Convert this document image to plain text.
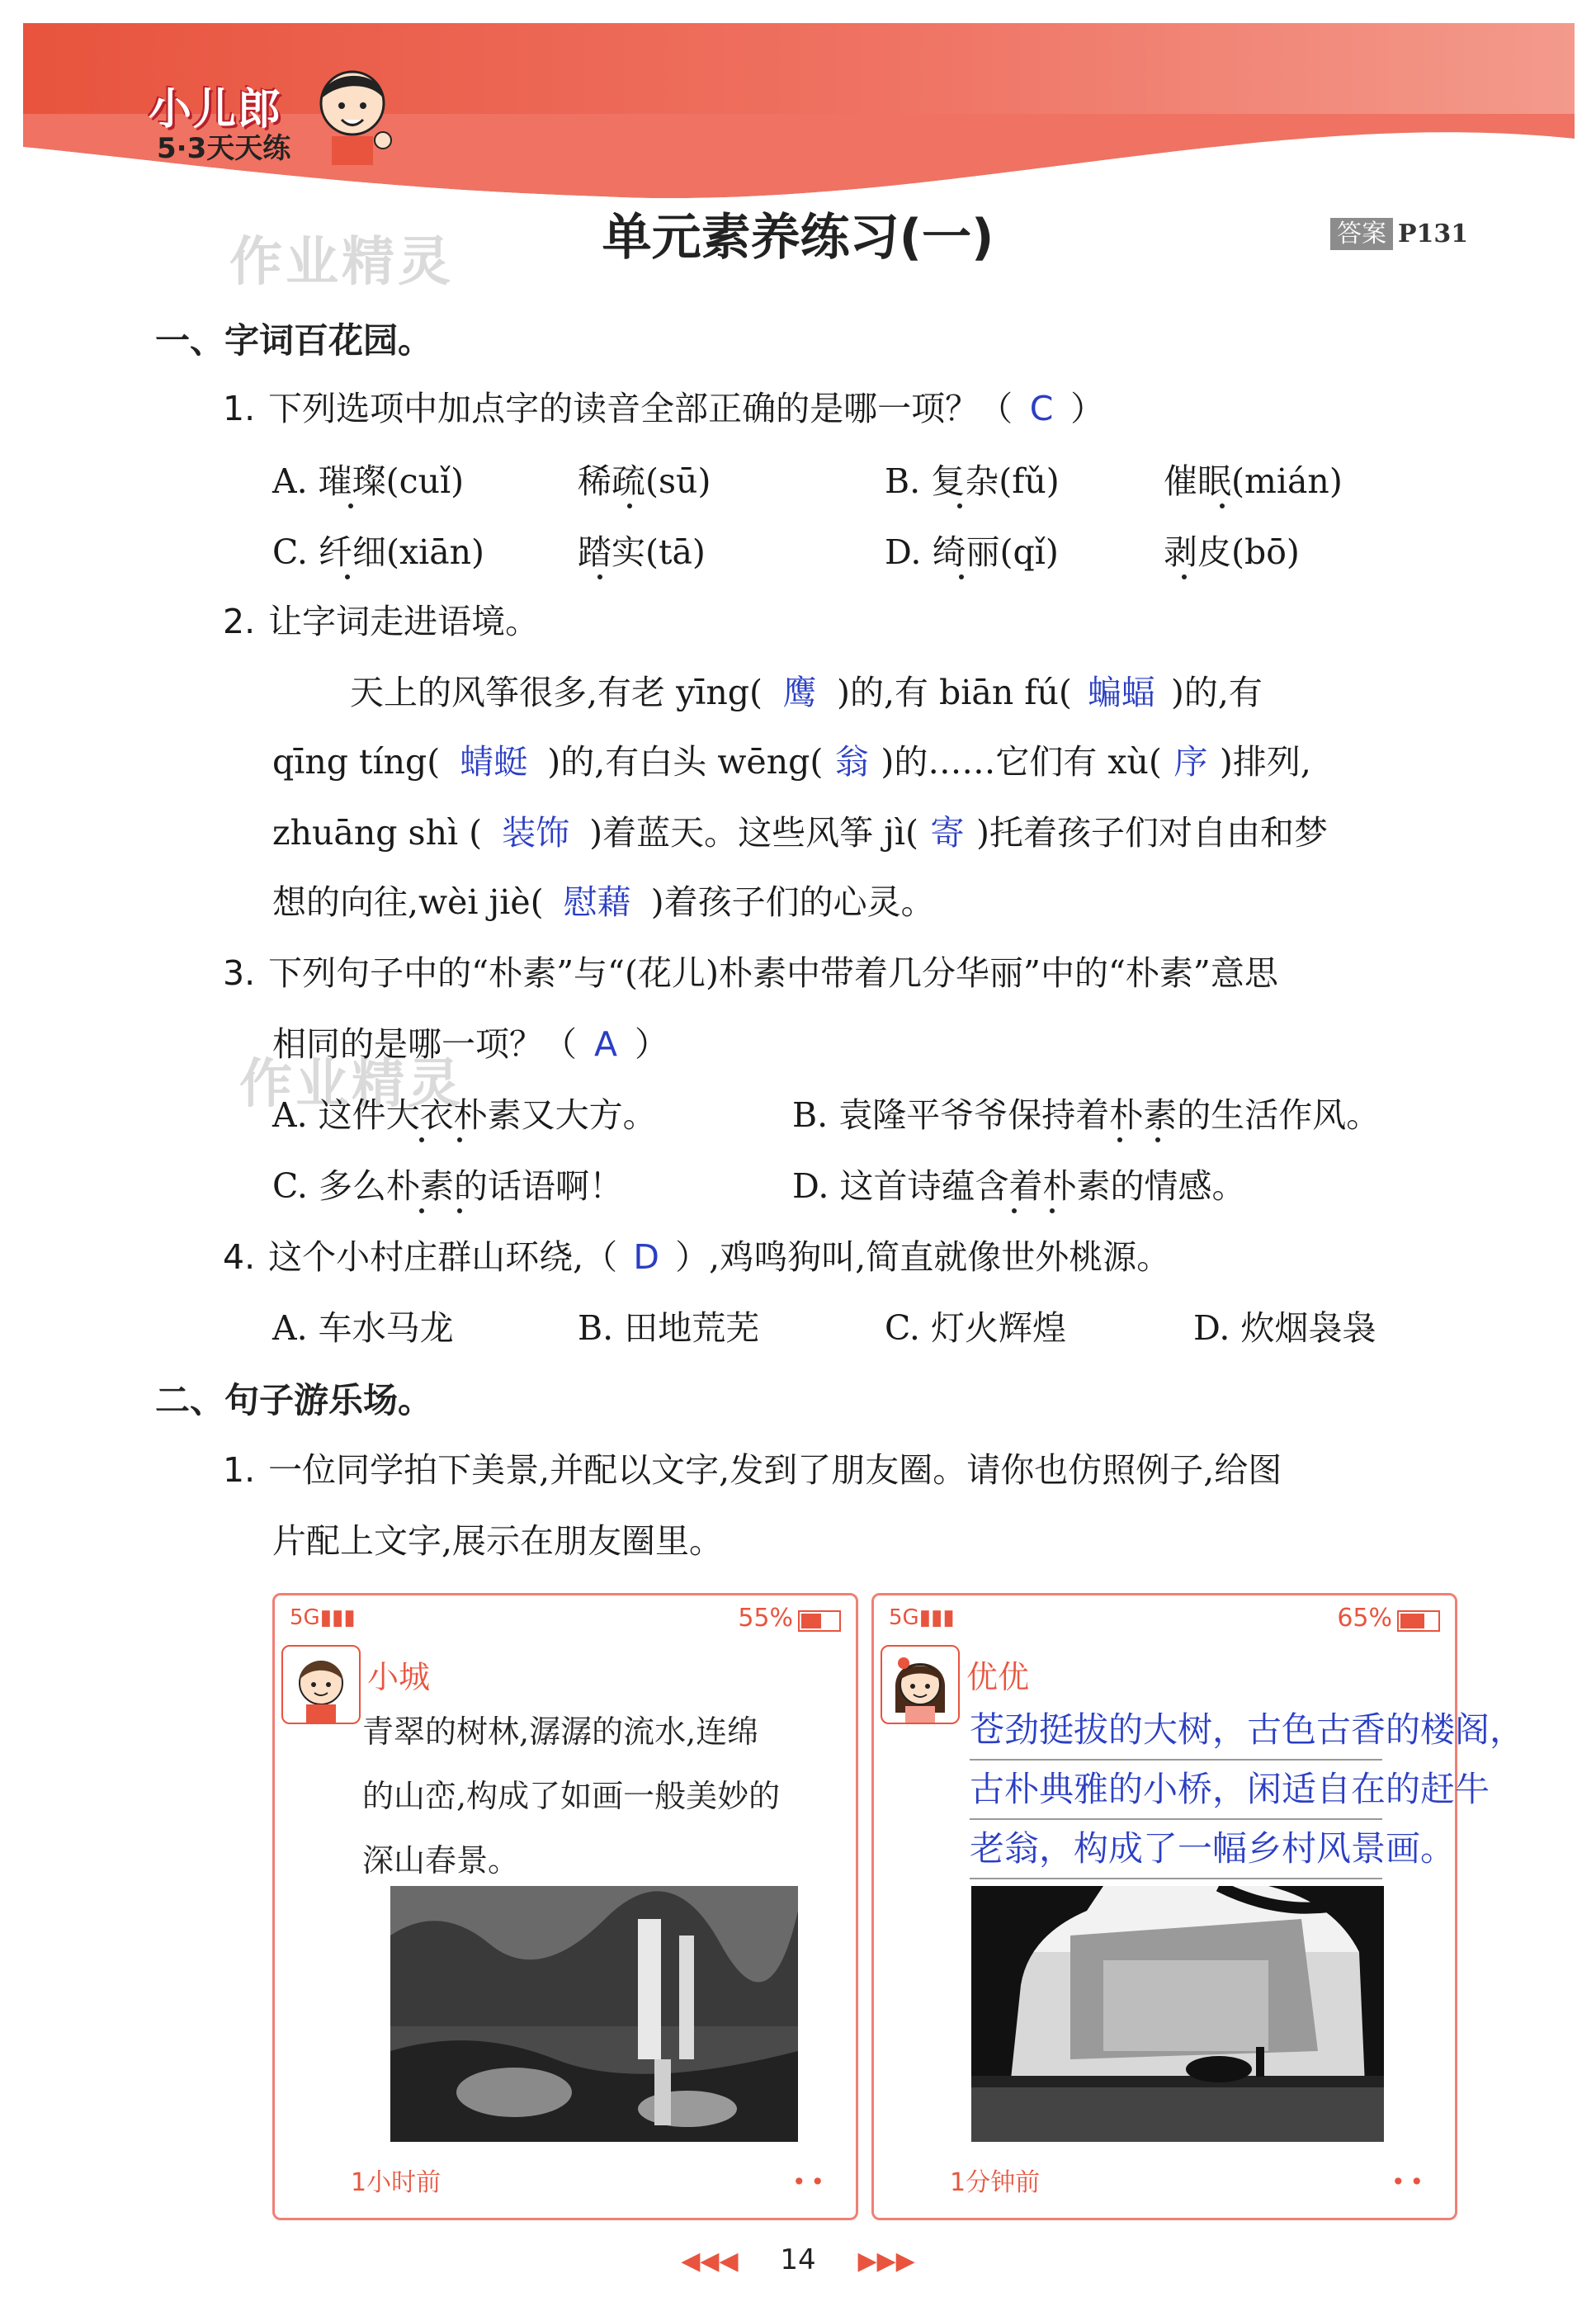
小儿郎
5·3天天练
作业精灵
作业精灵
单元素养练习(一)	答案 P131
一、字词百花园。
1. 下列选项中加点字的读音全部正确的是哪一项？（ C ）
A. 璀璨(cuǐ)	稀疏(sū)	B. 复杂(fǔ)	催眠(mián)
C. 纤细(xiān)	踏实(tā)	D. 绮丽(qǐ)	剥皮(bō)
2. 让字词走进语境。
天上的风筝很多,有老 yīng( 鹰 )的,有 biān fú( 蝙蝠 )的,有
qīng tíng( 蜻蜓 )的,有白头 wēng( 翁 )的……它们有 xù( 序 )排列,
zhuāng shì ( 装饰 )着蓝天。这些风筝 jì( 寄 )托着孩子们对自由和梦
想的向往,wèi jiè( 慰藉 )着孩子们的心灵。
3. 下列句子中的“朴素”与“(花儿)朴素中带着几分华丽”中的“朴素”意思
相同的是哪一项？（ A ）
A. 这件大衣朴素又大方。	B. 袁隆平爷爷保持着朴素的生活作风。
C. 多么朴素的话语啊！	D. 这首诗蕴含着朴素的情感。
4. 这个小村庄群山环绕,（ D ）,鸡鸣狗叫,简直就像世外桃源。
A. 车水马龙	B. 田地荒芜	C. 灯火辉煌	D. 炊烟袅袅
二、句子游乐场。
1. 一位同学拍下美景,并配以文字,发到了朋友圈。请你也仿照例子,给图
片配上文字,展示在朋友圈里。
5G▮▮▮	55%
小城
青翠的树林,潺潺的流水,连绵
的山峦,构成了如画一般美妙的
深山春景。
1小时前	••
5G▮▮▮	65%
优优
苍劲挺拔的大树，古色古香的楼阁，
古朴典雅的小桥，闲适自在的赶牛
老翁，构成了一幅乡村风景画。
1分钟前	••
◀◀◀ 14 ▶▶▶
